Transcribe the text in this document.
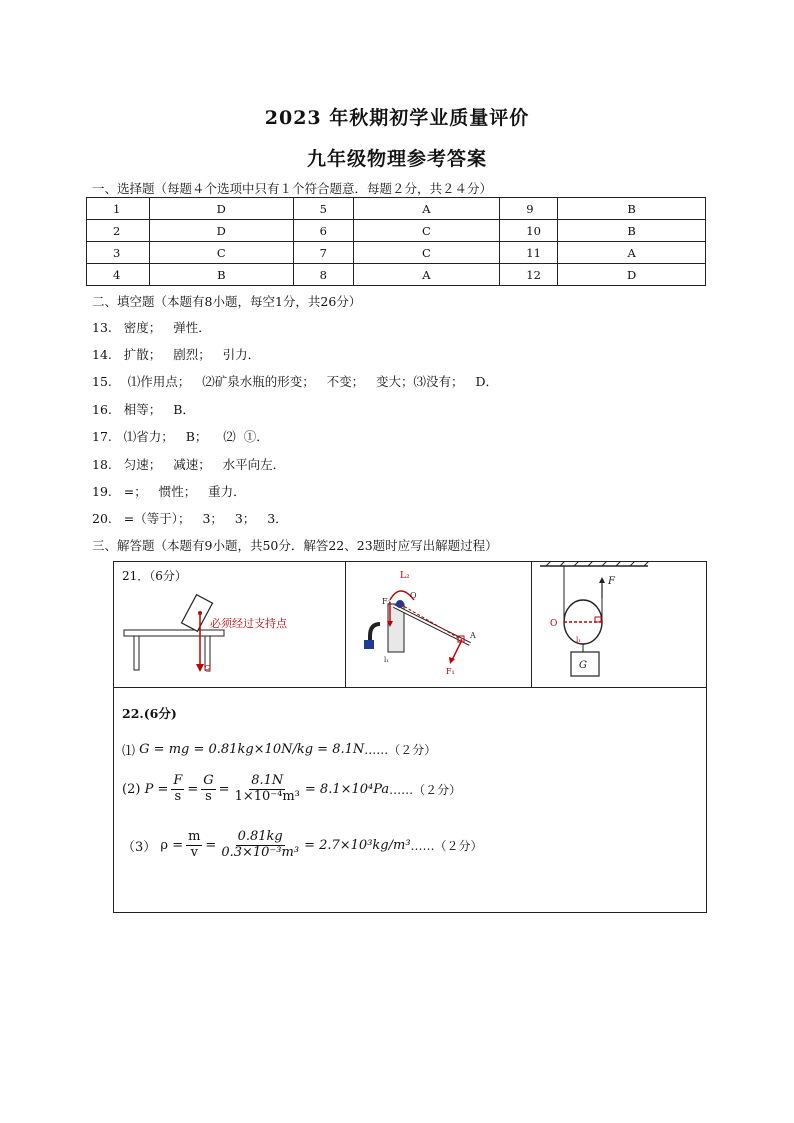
2023 年秋期初学业质量评价
九年级物理参考答案
一、选择题（每题４个选项中只有１个符合题意．每题２分，共２４分）
1	D	5	A	9	B
2	D	6	C	10	B
3	C	7	C	11	A
4	B	8	A	12	D
二、填空题（本题有8小题，每空1分，共26分）
13.   密度；   弹性．
14.   扩散；   剧烈；   引力．
15.    ⑴作用点；   ⑵矿泉水瓶的形变；   不变；   变大；⑶没有；   D．
16.   相等；   B．
17.   ⑴省力；   B；    ⑵  ①．
18.   匀速；   减速；   水平向左．
19.   =；   惯性；   重力．
20.   =（等于）；   3；   3；   3．
三、解答题（本题有9小题，共50分．解答22、23题时应写出解题过程）
21．（6分）
G
必须经过支持点
L₂
F₂
O
A
F₁
l₁
F
O
l₁
G
22.(6分)
⑴
G = mg = 0.81kg×10N/kg = 8.1N ……（２分）
(2)
$P = \frac{F}{s} = \frac{G}{s} = \frac{8.1N}{\text{1×10⁻⁴m³}} = 8.1\times 10^4Pa$ ……（２分）
（3）
$\rho = \frac{m}{v} = \frac{0.81kg}{\text{0.3×10⁻³m³}} = 2.7\times 10^3kg/m^3$ ……（２分）
